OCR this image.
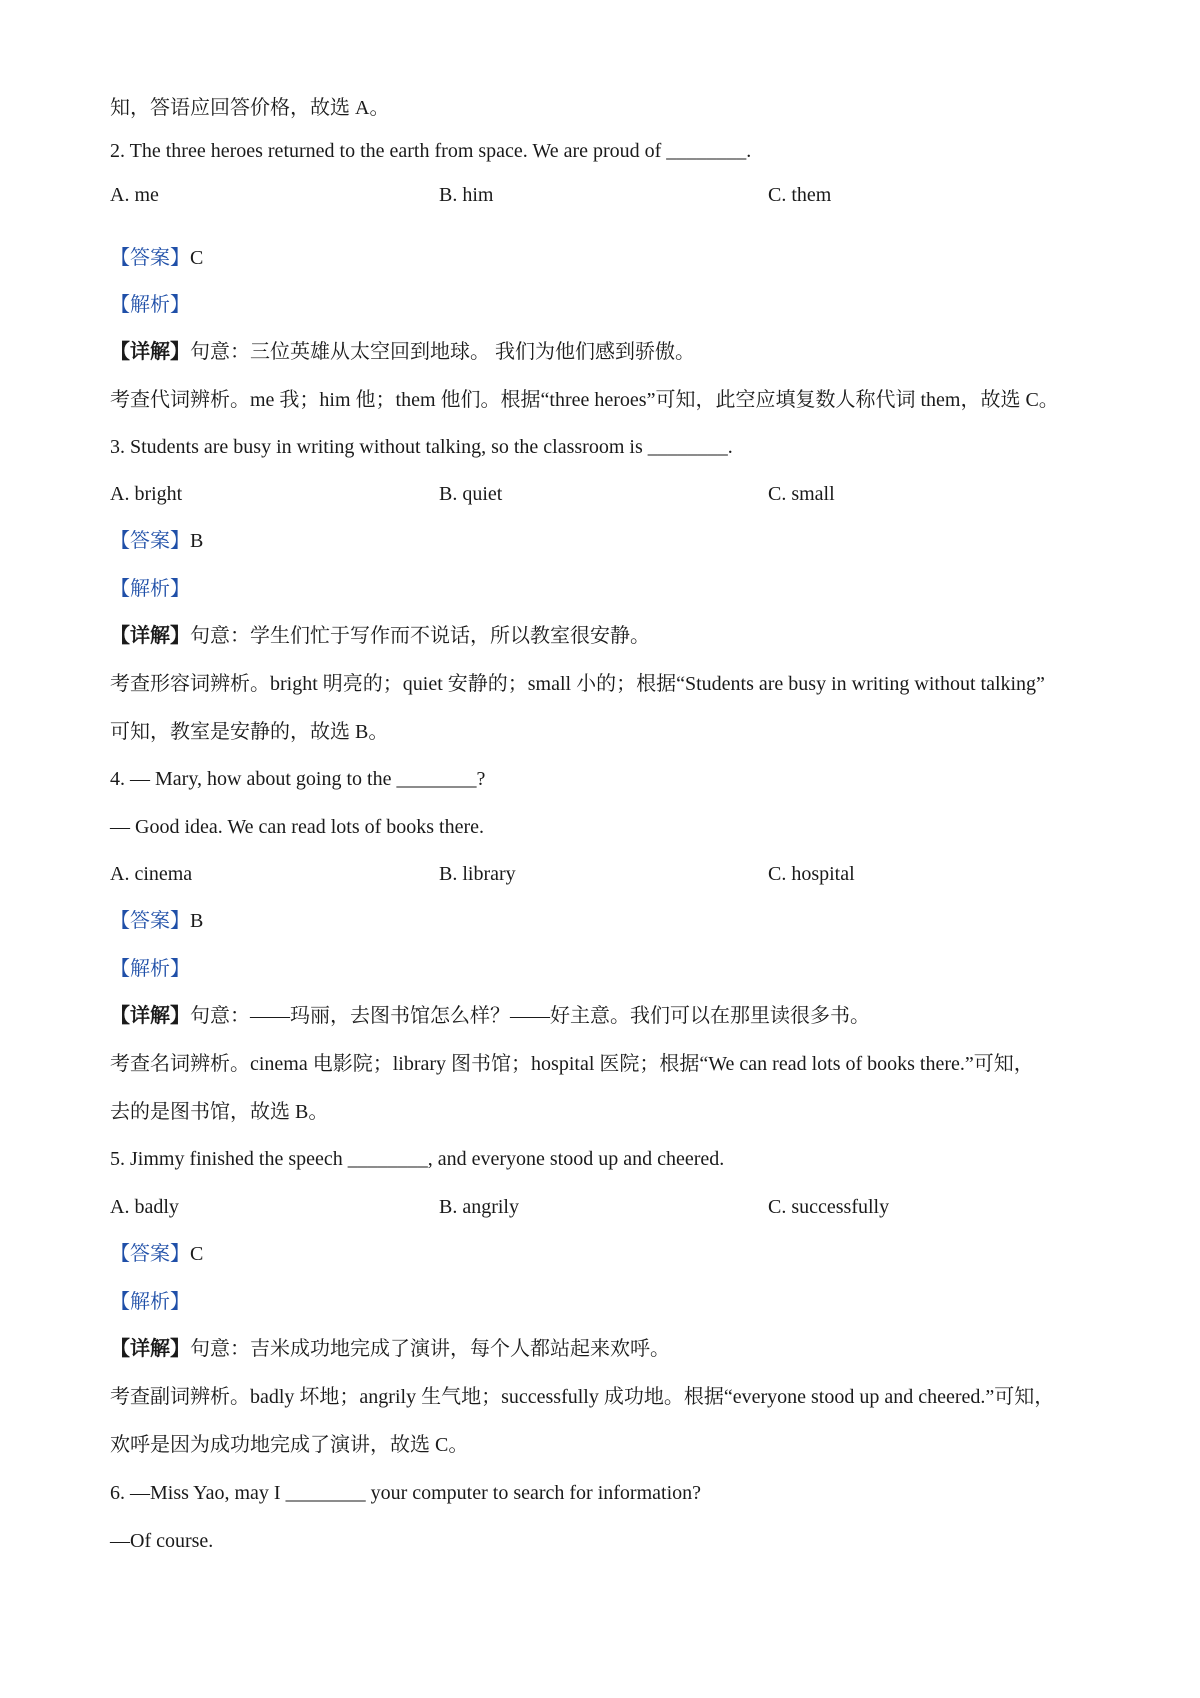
知，答语应回答价格，故选 A。
2. The three heroes returned to the earth from space. We are proud of ________.
A. me	B. him	C. them
【答案】C
【解析】
【详解】句意：三位英雄从太空回到地球。 我们为他们感到骄傲。
考查代词辨析。me 我；him 他；them 他们。根据“three heroes”可知，此空应填复数人称代词 them，故选 C。
3. Students are busy in writing without talking, so the classroom is ________.
A. bright	B. quiet	C. small
【答案】B
【解析】
【详解】句意：学生们忙于写作而不说话，所以教室很安静。
考查形容词辨析。bright 明亮的；quiet 安静的；small 小的；根据“Students are busy in writing without talking”
可知，教室是安静的，故选 B。
4. — Mary, how about going to the ________?
— Good idea. We can read lots of books there.
A. cinema	B. library	C. hospital
【答案】B
【解析】
【详解】句意：——玛丽，去图书馆怎么样？——好主意。我们可以在那里读很多书。
考查名词辨析。cinema 电影院；library 图书馆；hospital 医院；根据“We can read lots of books there.”可知，
去的是图书馆，故选 B。
5. Jimmy finished the speech ________, and everyone stood up and cheered.
A. badly	B. angrily	C. successfully
【答案】C
【解析】
【详解】句意：吉米成功地完成了演讲，每个人都站起来欢呼。
考查副词辨析。badly 坏地；angrily 生气地；successfully 成功地。根据“everyone stood up and cheered.”可知，
欢呼是因为成功地完成了演讲，故选 C。
6. —Miss Yao, may I ________ your computer to search for information?
—Of course.
